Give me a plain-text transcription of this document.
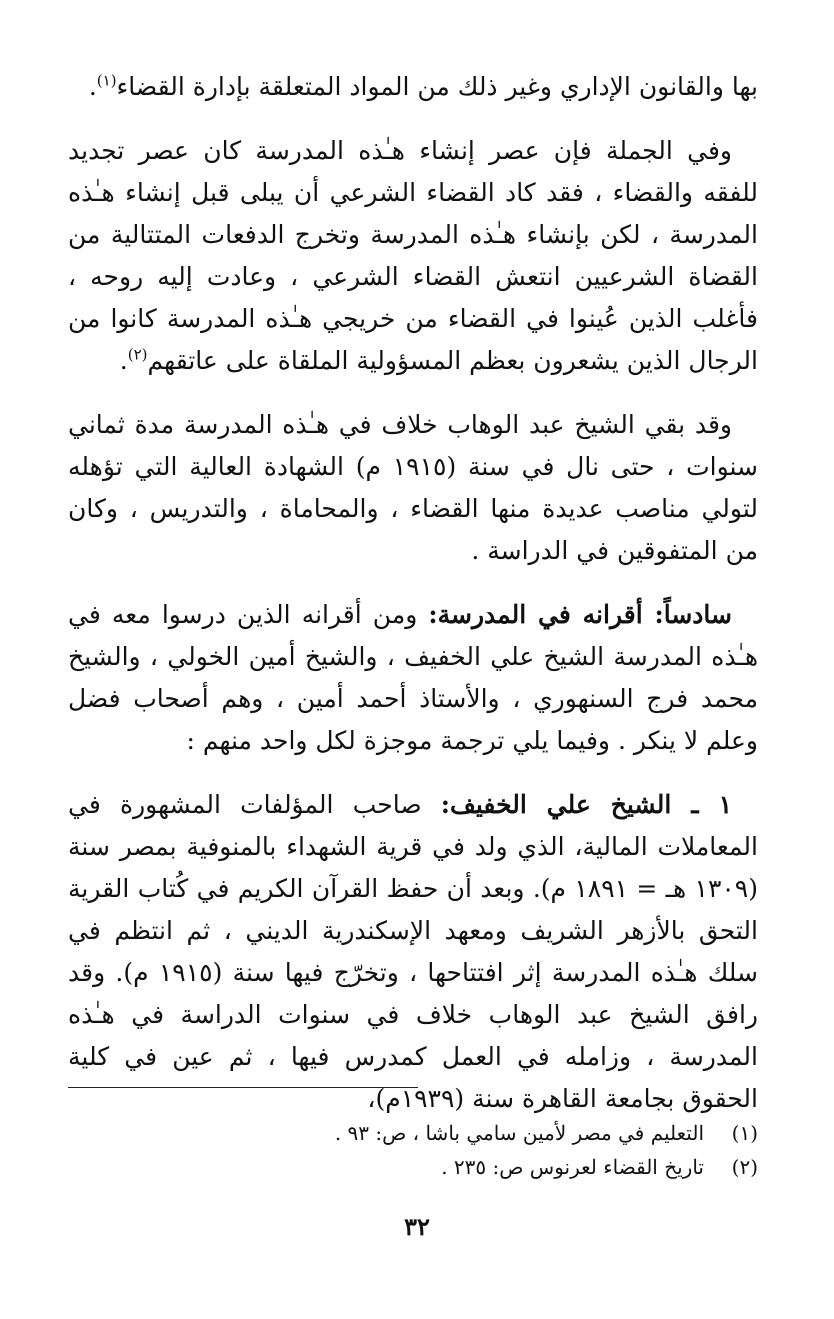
بها والقانون الإداري وغير ذلك من المواد المتعلقة بإدارة القضاء$^{(١)}$.

وفي الجملة فإن عصر إنشاء هـٰذه المدرسة كان عصر تجديد للفقه والقضاء ، فقد كاد القضاء الشرعي أن يبلى قبل إنشاء هـٰذه المدرسة ، لكن بإنشاء هـٰذه المدرسة وتخرج الدفعات المتتالية من القضاة الشرعيين انتعش القضاء الشرعي ، وعادت إليه روحه ، فأغلب الذين عُينوا في القضاء من خريجي هـٰذه المدرسة كانوا من الرجال الذين يشعرون بعظم المسؤولية الملقاة على عاتقهم$^{(٢)}$.

وقد بقي الشيخ عبد الوهاب خلاف في هـٰذه المدرسة مدة ثماني سنوات ، حتى نال في سنة (١٩١٥ م) الشهادة العالية التي تؤهله لتولي مناصب عديدة منها القضاء ، والمحاماة ، والتدريس ، وكان من المتفوقين في الدراسة .

سادساً: أقرانه في المدرسة: ومن أقرانه الذين درسوا معه في هـٰذه المدرسة الشيخ علي الخفيف ، والشيخ أمين الخولي ، والشيخ محمد فرج السنهوري ، والأستاذ أحمد أمين ، وهم أصحاب فضل وعلم لا ينكر . وفيما يلي ترجمة موجزة لكل واحد منهم :

١ ـ الشيخ علي الخفيف: صاحب المؤلفات المشهورة في المعاملات المالية، الذي ولد في قرية الشهداء بالمنوفية بمصر سنة (١٣٠٩ هـ = ١٨٩١ م). وبعد أن حفظ القرآن الكريم في كُتاب القرية التحق بالأزهر الشريف ومعهد الإسكندرية الديني ، ثم انتظم في سلك هـٰذه المدرسة إثر افتتاحها ، وتخرّج فيها سنة (١٩١٥ م). وقد رافق الشيخ عبد الوهاب خلاف في سنوات الدراسة في هـٰذه المدرسة ، وزامله في العمل كمدرس فيها ، ثم عين في كلية الحقوق بجامعة القاهرة سنة (١٩٣٩م)،

(١)
التعليم في مصر لأمين سامي باشا ، ص: ٩٣ .
(٢)
تاريخ القضاء لعرنوس ص: ٢٣٥ .
٣٢
